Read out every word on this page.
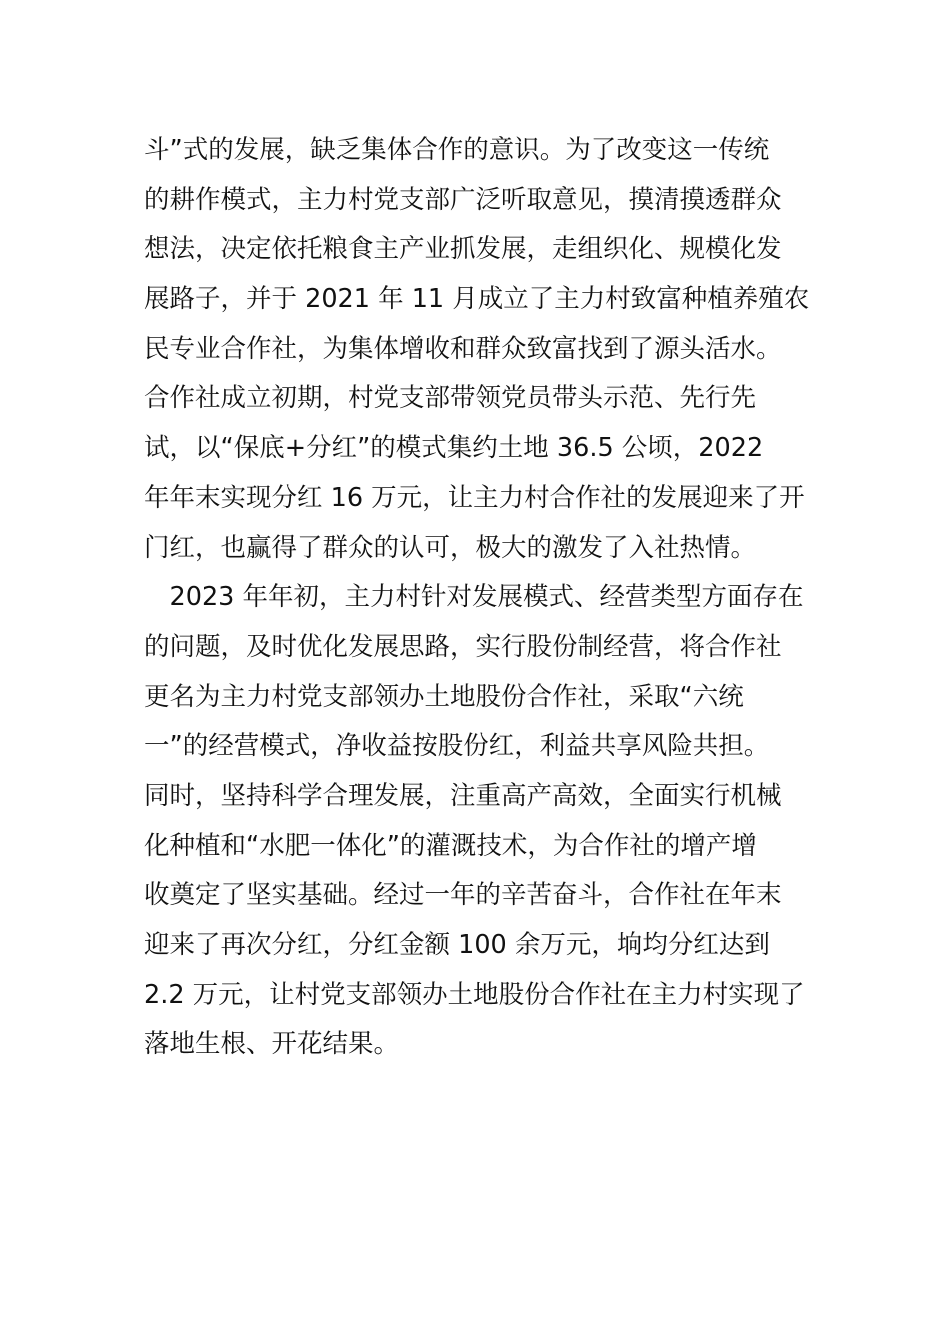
斗”式的发展，缺乏集体合作的意识。为了改变这一传统
的耕作模式，主力村党支部广泛听取意见，摸清摸透群众
想法，决定依托粮食主产业抓发展，走组织化、规模化发
展路子，并于 2021 年 11 月成立了主力村致富种植养殖农
民专业合作社，为集体增收和群众致富找到了源头活水。
合作社成立初期，村党支部带领党员带头示范、先行先
试，以“保底+分红”的模式集约土地 36.5 公顷，2022
年年末实现分红 16 万元，让主力村合作社的发展迎来了开
门红，也赢得了群众的认可，极大的激发了入社热情。
　2023 年年初，主力村针对发展模式、经营类型方面存在
的问题，及时优化发展思路，实行股份制经营，将合作社
更名为主力村党支部领办土地股份合作社，采取“六统
一”的经营模式，净收益按股份红，利益共享风险共担。
同时，坚持科学合理发展，注重高产高效，全面实行机械
化种植和“水肥一体化”的灌溉技术，为合作社的增产增
收奠定了坚实基础。经过一年的辛苦奋斗，合作社在年末
迎来了再次分红，分红金额 100 余万元，垧均分红达到
2.2 万元，让村党支部领办土地股份合作社在主力村实现了
落地生根、开花结果。
